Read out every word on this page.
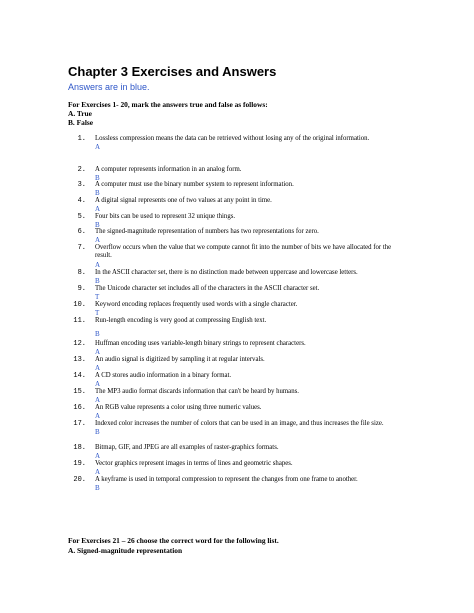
Chapter 3 Exercises and Answers
Answers are in blue.
For Exercises 1- 20, mark the answers true and false as follows:
A. True
B. False
1. Lossless compression means the data can be retrieved without losing any of the original information.
A
2. A computer represents information in an analog form.
B
3. A computer must use the binary number system to represent information.
B
4. A digital signal represents one of two values at any point in time.
A
5. Four bits can be used to represent 32 unique things.
B
6. The signed-magnitude representation of numbers has two representations for zero.
A
7. Overflow occurs when the value that we compute cannot fit into the number of bits we have allocated for the result.
A
8. In the ASCII character set, there is no distinction made between uppercase and lowercase letters.
B
9. The Unicode character set includes all of the characters in the ASCII character set.
T
10. Keyword encoding replaces frequently used words with a single character.
T
11. Run-length encoding is very good at compressing English text.
B
12. Huffman encoding uses variable-length binary strings to represent characters.
A
13. An audio signal is digitized by sampling it at regular intervals.
A
14. A CD stores audio information in a binary format.
A
15. The MP3 audio format discards information that can't be heard by humans.
A
16. An RGB value represents a color using three numeric values.
A
17. Indexed color increases the number of colors that can be used in an image, and thus increases the file size.
B
18. Bitmap, GIF, and JPEG are all examples of raster-graphics formats.
A
19. Vector graphics represent images in terms of lines and geometric shapes.
A
20. A keyframe is used in temporal compression to represent the changes from one frame to another.
B
For Exercises 21 – 26 choose the correct word for the following list.
A. Signed-magnitude representation
